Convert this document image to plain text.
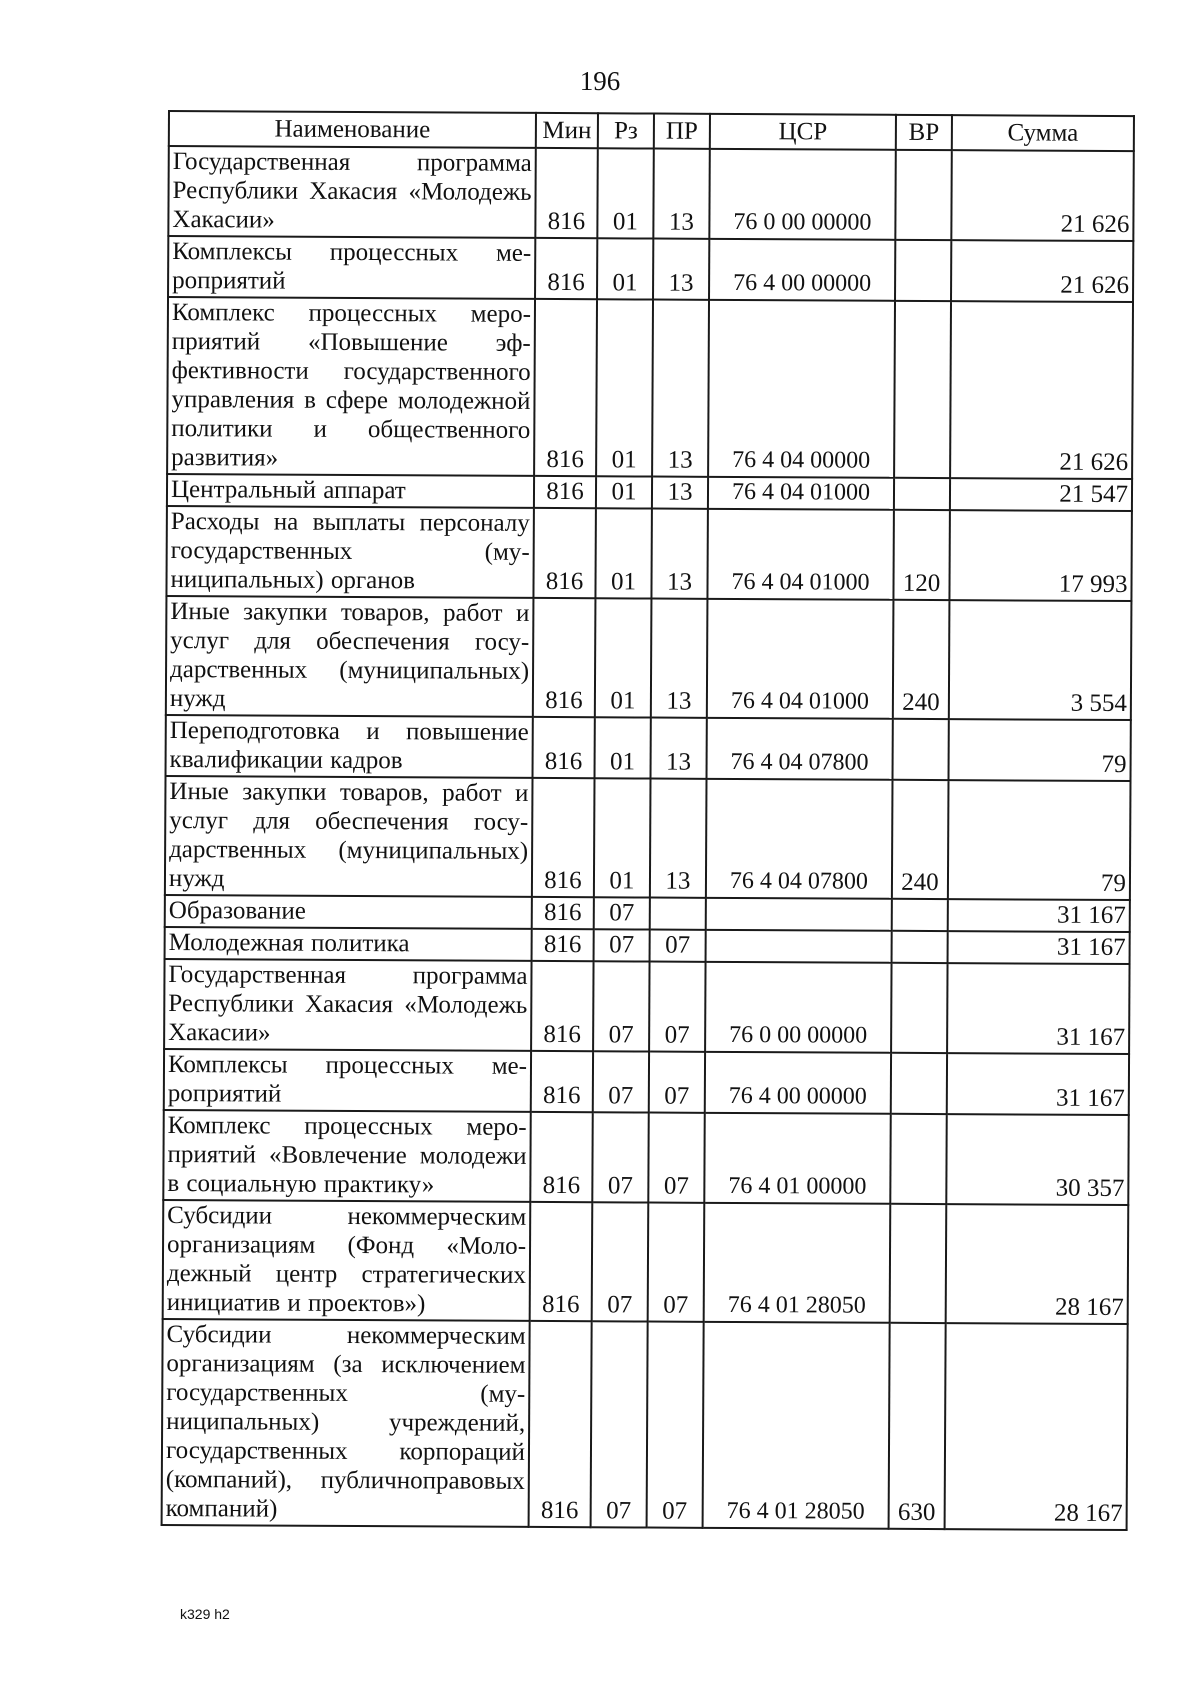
196
Наименование	Мин	Рз	ПР	ЦСР	ВР	Сумма
Государственная программа Республики Хакасия «Молодежь Хакасии»	816	01	13	76 0 00 00000		21 626
Комплексы процессных мероприятий	816	01	13	76 4 00 00000		21 626
Комплекс процессных мероприятий «Повышение эффективности государственного управления в сфере молодежной политики и общественного развития»	816	01	13	76 4 04 00000		21 626
Центральный аппарат	816	01	13	76 4 04 01000		21 547
Расходы на выплаты персоналу государственных (муниципальных) органов	816	01	13	76 4 04 01000	120	17 993
Иные закупки товаров, работ и услуг для обеспечения государственных (муниципальных) нужд	816	01	13	76 4 04 01000	240	3 554
Переподготовка и повышение квалификации кадров	816	01	13	76 4 04 07800		79
Иные закупки товаров, работ и услуг для обеспечения государственных (муниципальных) нужд	816	01	13	76 4 04 07800	240	79
Образование	816	07				31 167
Молодежная политика	816	07	07			31 167
Государственная программа Республики Хакасия «Молодежь Хакасии»	816	07	07	76 0 00 00000		31 167
Комплексы процессных мероприятий	816	07	07	76 4 00 00000		31 167
Комплекс процессных мероприятий «Вовлечение молодежи в социальную практику»	816	07	07	76 4 01 00000		30 357
Субсидии некоммерческим организациям (Фонд «Молодежный центр стратегических инициатив и проектов»)	816	07	07	76 4 01 28050		28 167
Субсидии некоммерческим организациям (за исключением государственных (муниципальных) учреждений, государственных корпораций (компаний), публичноправовых компаний)	816	07	07	76 4 01 28050	630	28 167
k329 h2
